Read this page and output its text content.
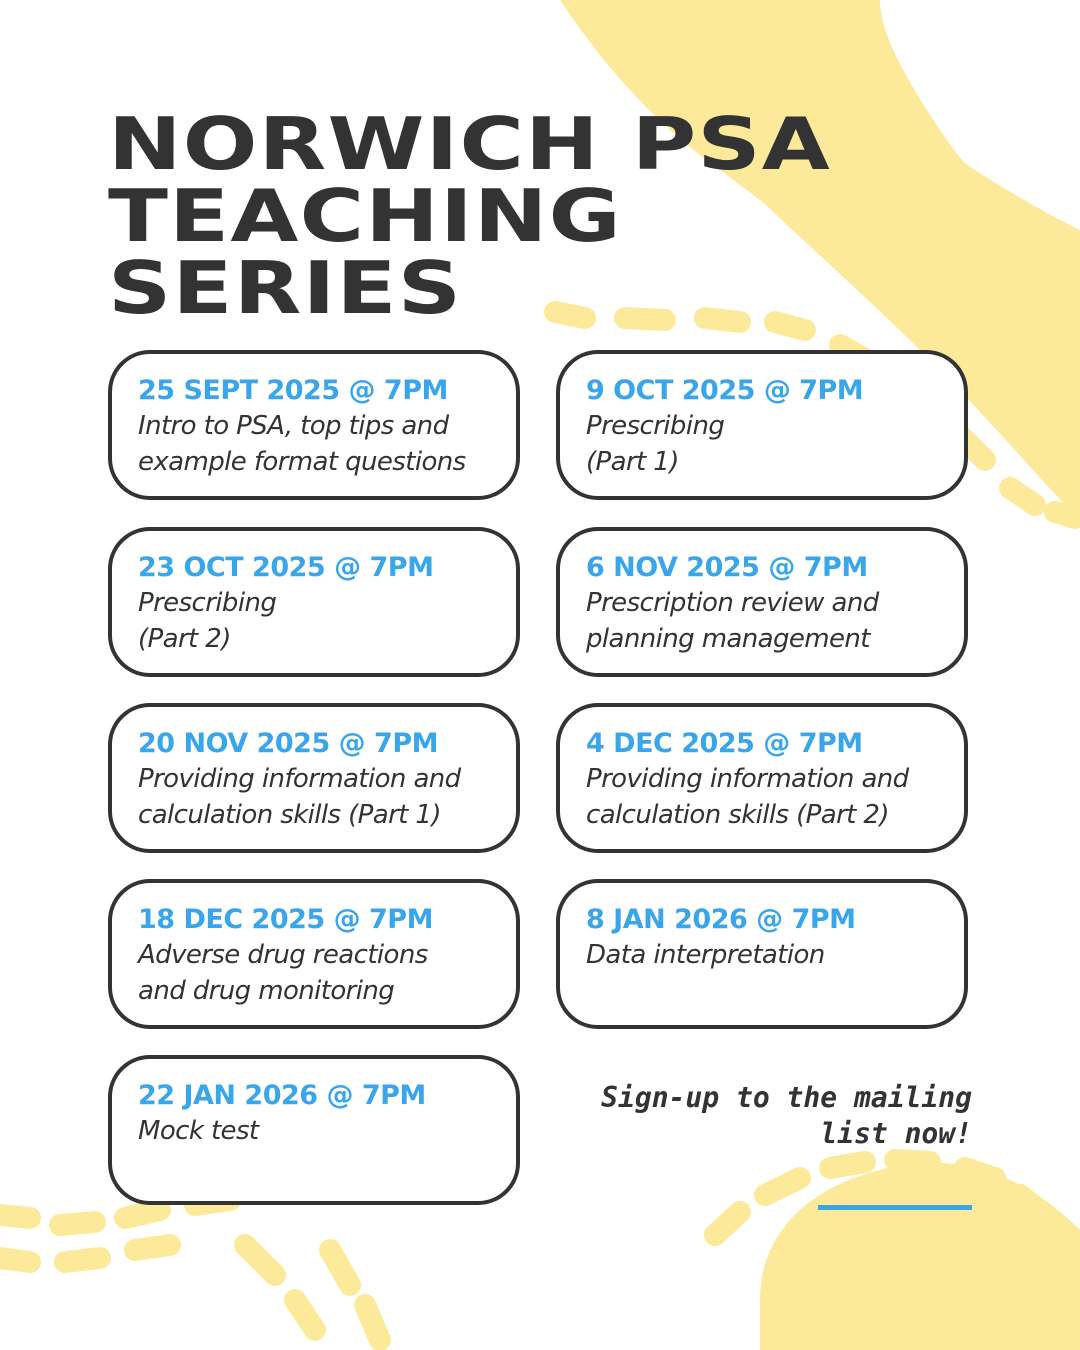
NORWICH PSA
TEACHING
SERIES
25 SEPT 2025 @ 7PM
Intro to PSA, top tips and
example format questions
9 OCT 2025 @ 7PM
Prescribing
(Part 1)
23 OCT 2025 @ 7PM
Prescribing
(Part 2)
6 NOV 2025 @ 7PM
Prescription review and
planning management
20 NOV 2025 @ 7PM
Providing information and
calculation skills (Part 1)
4 DEC 2025 @ 7PM
Providing information and
calculation skills (Part 2)
18 DEC 2025 @ 7PM
Adverse drug reactions
and drug monitoring
8 JAN 2026 @ 7PM
Data interpretation
22 JAN 2026 @ 7PM
Mock test
Sign-up to the mailing
list now!
